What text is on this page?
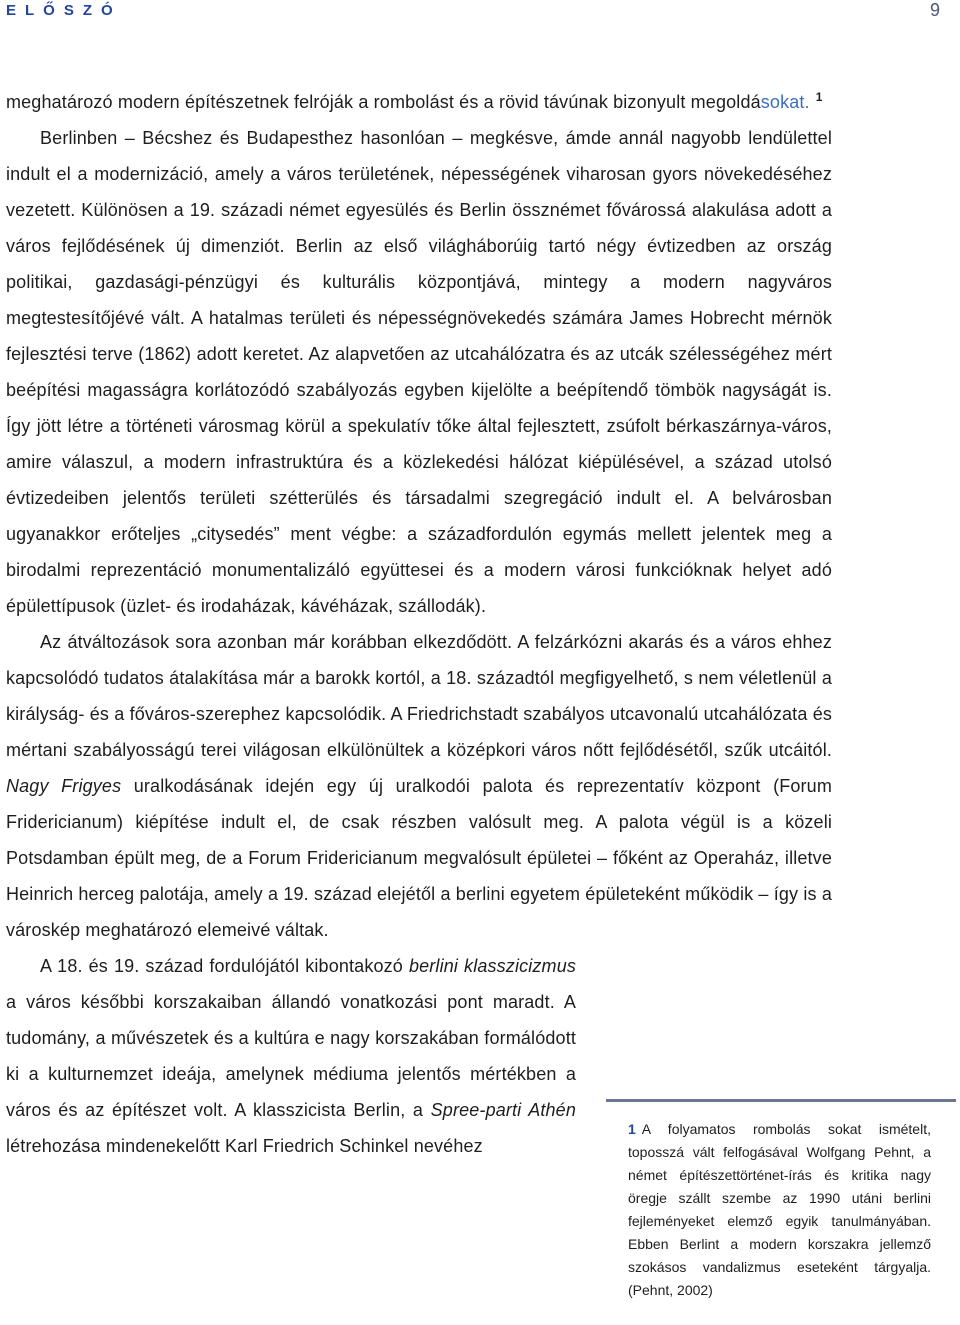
ELŐSZÓ	9

meghatározó modern építészetnek felróják a rombolást és a rövid távúnak bizonyult megoldásokat. $^1$

Berlinben – Bécshez és Budapesthez hasonlóan – megkésve, ámde annál nagyobb lendülettel indult el a modernizáció, amely a város területének, népességének viharosan gyors növekedéséhez vezetett. Különösen a 19. századi német egyesülés és Berlin össznémet fővárossá alakulása adott a város fejlődésének új dimenziót. Berlin az első világháborúig tartó négy évtizedben az ország politikai, gazdasági-pénzügyi és kulturális központjává, mintegy a modern nagyváros megtestesítőjévé vált. A hatalmas területi és népességnövekedés számára James Hobrecht mérnök fejlesztési terve (1862) adott keretet. Az alapvetően az utcahálózatra és az utcák szélességéhez mért beépítési magasságra korlátozódó szabályozás egyben kijelölte a beépítendő tömbök nagyságát is. Így jött létre a történeti városmag körül a spekulatív tőke által fejlesztett, zsúfolt bérkaszárnya-város, amire válaszul, a modern infrastruktúra és a közlekedési hálózat kiépülésével, a század utolsó évtizedeiben jelentős területi szétterülés és társadalmi szegregáció indult el. A belvárosban ugyanakkor erőteljes „citysedés” ment végbe: a századfordulón egymás mellett jelentek meg a birodalmi reprezentáció monumentalizáló együttesei és a modern városi funkcióknak helyet adó épülettípusok (üzlet- és irodaházak, kávéházak, szállodák).

Az átváltozások sora azonban már korábban elkezdődött. A felzárkózni akarás és a város ehhez kapcsolódó tudatos átalakítása már a barokk kortól, a 18. századtól megfigyelhető, s nem véletlenül a királyság- és a főváros-szerephez kapcsolódik. A Friedrichstadt szabályos utcavonalú utcahálózata és mértani szabályosságú terei világosan elkülönültek a középkori város nőtt fejlődésétől, szűk utcáitól. Nagy Frigyes uralkodásának idején egy új uralkodói palota és reprezentatív központ (Forum Fridericianum) kiépítése indult el, de csak részben valósult meg. A palota végül is a közeli Potsdamban épült meg, de a Forum Fridericianum megvalósult épületei – főként az Operaház, illetve Heinrich herceg palotája, amely a 19. század elejétől a berlini egyetem épületeként működik – így is a városkép meghatározó elemeivé váltak.

A 18. és 19. század fordulójától kibontakozó berlini klasszicizmus a város későbbi korszakaiban állandó vonatkozási pont maradt. A tudomány, a művészetek és a kultúra e nagy korszakában formálódott ki a kulturnemzet ideája, amelynek médiuma jelentős mértékben a város és az építészet volt. A klasszicista Berlin, a Spree-parti Athén létrehozása mindenekelőtt Karl Friedrich Schinkel nevéhez

1 A folyamatos rombolás sokat ismételt, toposszá vált felfogásával Wolfgang Pehnt, a német építészettörténet-írás és kritika nagy öregje szállt szembe az 1990 utáni berlini fejleményeket elemző egyik tanulmányában. Ebben Berlint a modern korszakra jellemző szokásos vandalizmus eseteként tárgyalja. (Pehnt, 2002)
